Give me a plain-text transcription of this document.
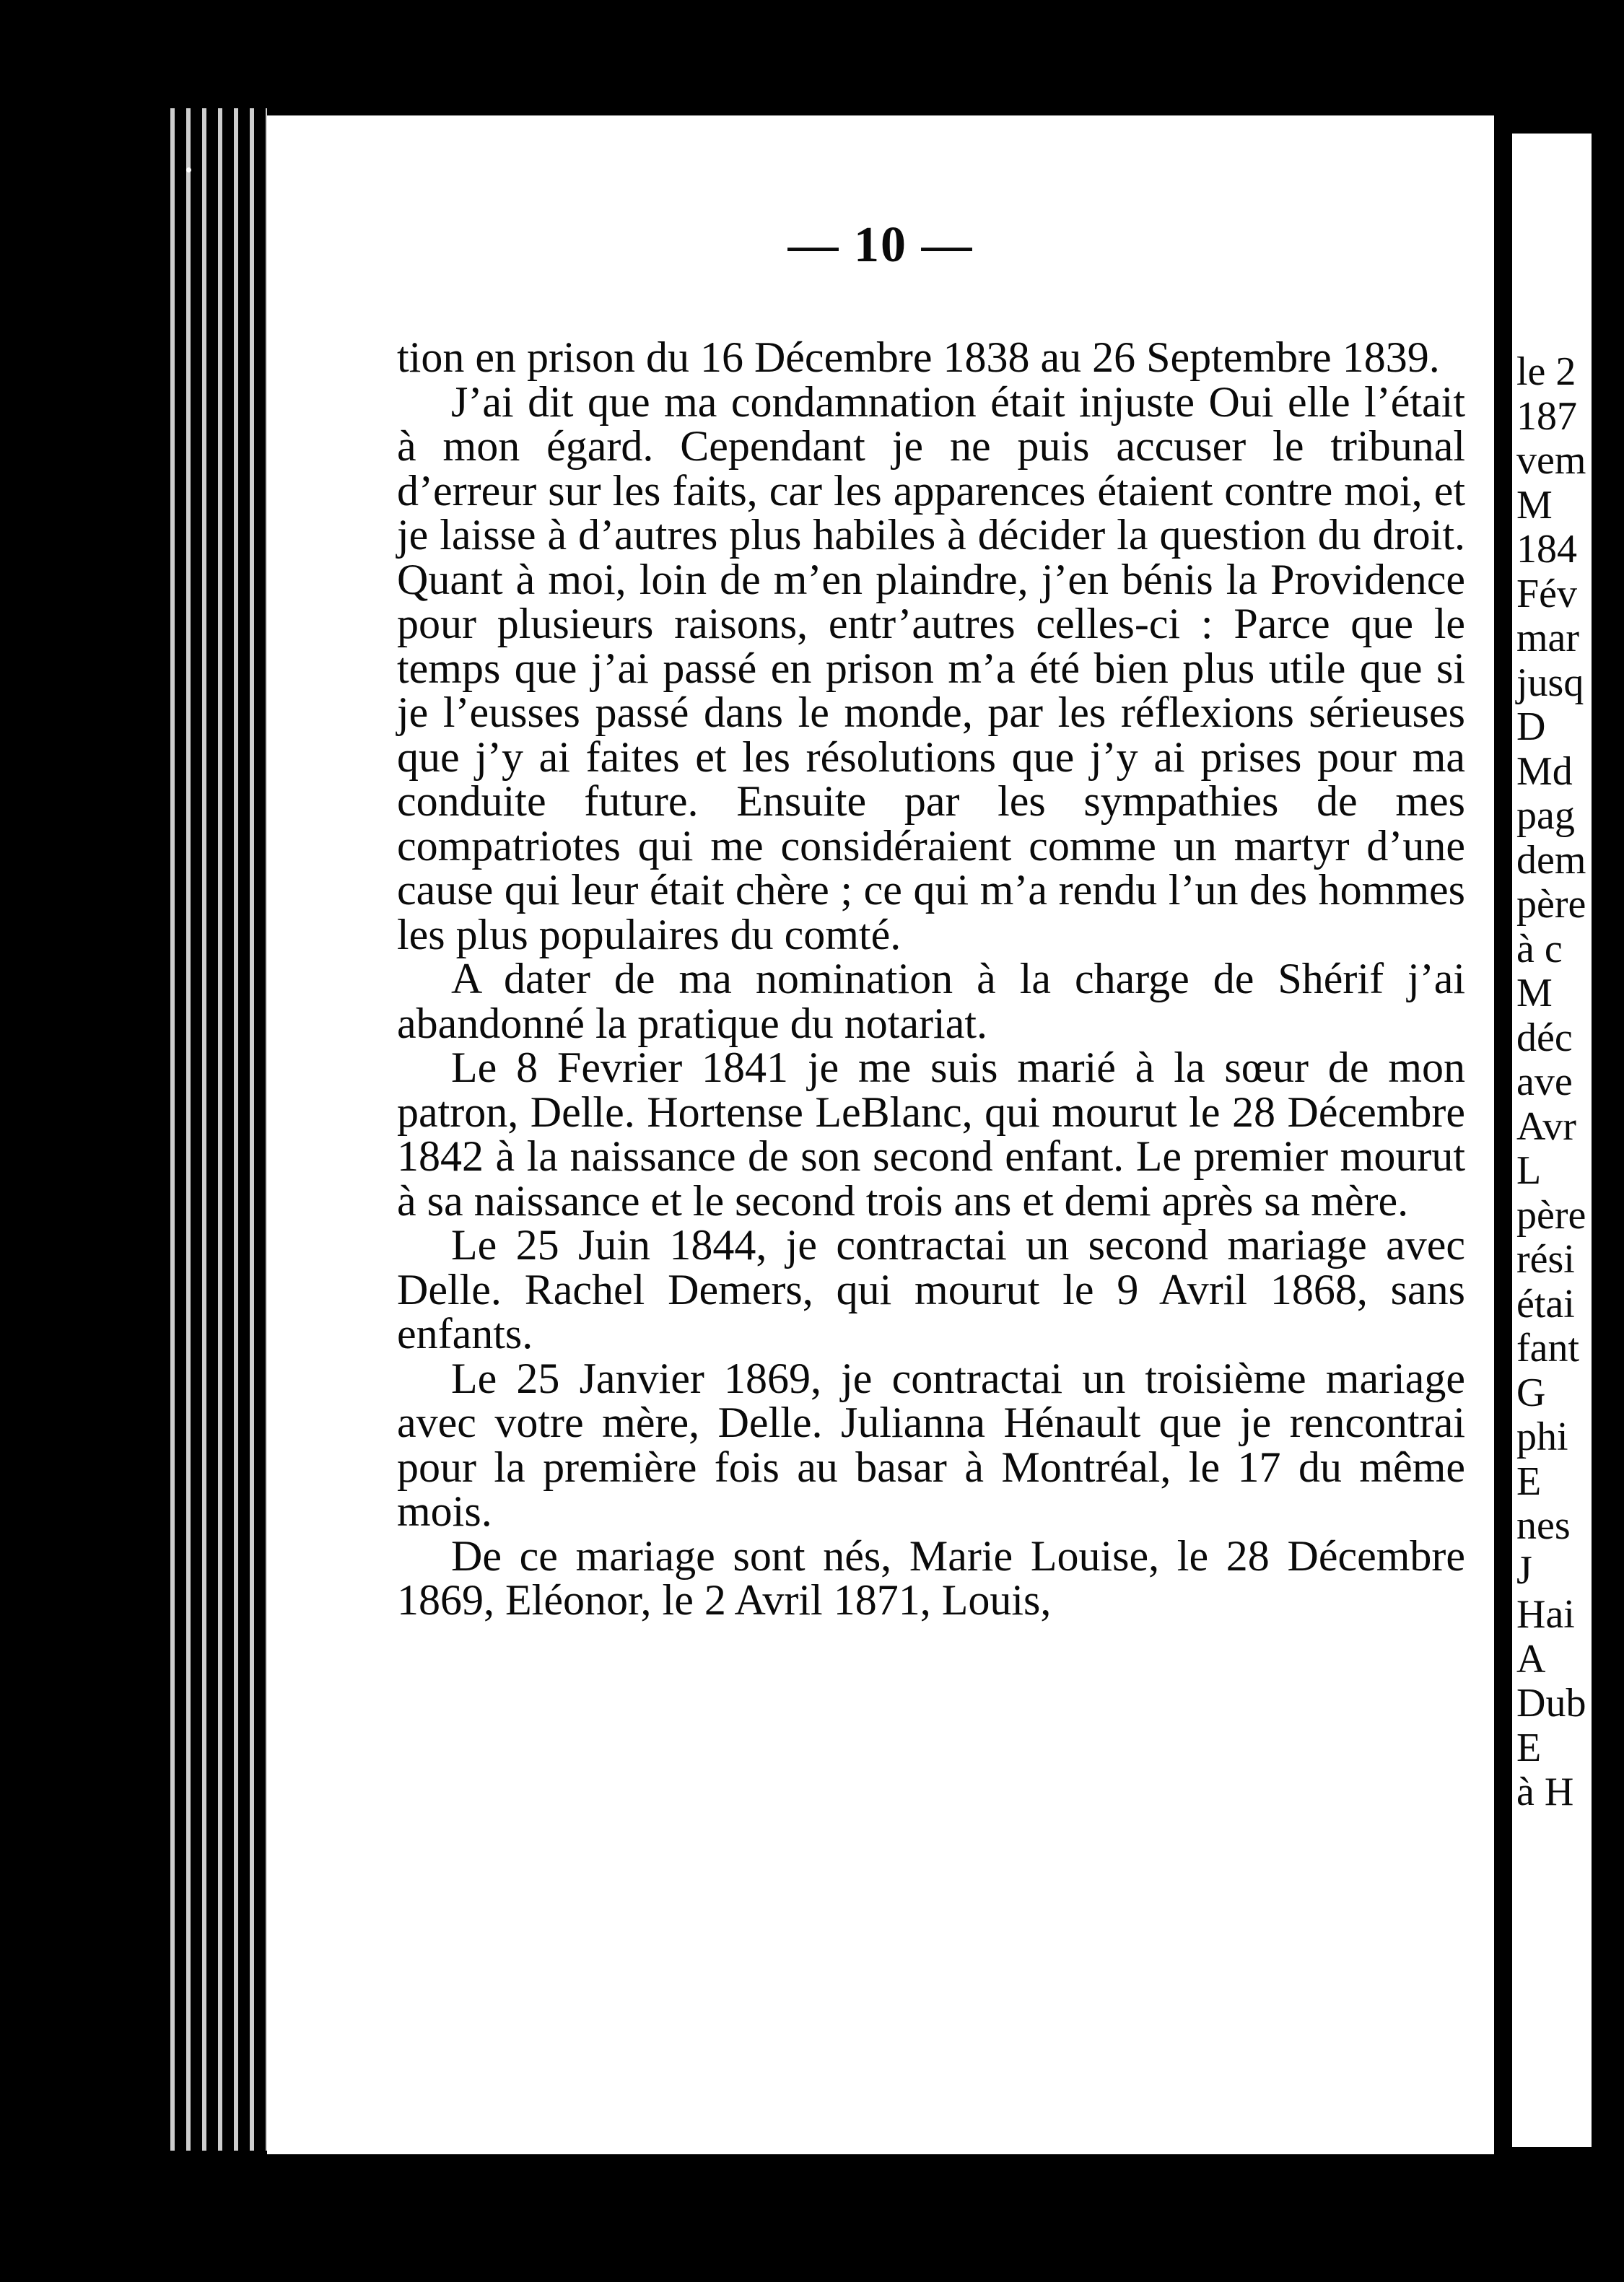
— 10 —

tion en prison du 16 Décembre 1838 au 26 Septembre 1839.

J’ai dit que ma condamnation était injuste Oui elle l’était à mon égard. Cependant je ne puis accuser le tribunal d’erreur sur les faits, car les apparences étaient contre moi, et je laisse à d’autres plus habiles à décider la question du droit. Quant à moi, loin de m’en plaindre, j’en bénis la Providence pour plusieurs raisons, entr’autres celles-ci : Parce que le temps que j’ai passé en prison m’a été bien plus utile que si je l’eusses passé dans le monde, par les réflexions sérieuses que j’y ai faites et les résolutions que j’y ai prises pour ma conduite future. Ensuite par les sympathies de mes compatriotes qui me considéraient comme un martyr d’une cause qui leur était chère ; ce qui m’a rendu l’un des hommes les plus populaires du comté.

A dater de ma nomination à la charge de Shérif j’ai abandonné la pratique du notariat.

Le 8 Fevrier 1841 je me suis marié à la sœur de mon patron, Delle. Hortense LeBlanc, qui mourut le 28 Décembre 1842 à la naissance de son second enfant. Le premier mourut à sa naissance et le second trois ans et demi après sa mère.

Le 25 Juin 1844, je contractai un second mariage avec Delle. Rachel Demers, qui mourut le 9 Avril 1868, sans enfants.

Le 25 Janvier 1869, je contractai un troisième mariage avec votre mère, Delle. Julianna Hénault que je rencontrai pour la première fois au basar à Montréal, le 17 du même mois.

De ce mariage sont nés, Marie Louise, le 28 Décembre 1869, Eléonor, le 2 Avril 1871, Louis,

le 2
187
vem
M
184
Fév
mar
jusq
D
Md
pag
dem
père
à c
M
déc
ave
Avr
L
père
rési
étai
fant
G
phi
E
nes
J
Hai
A
Dub
E
à H
